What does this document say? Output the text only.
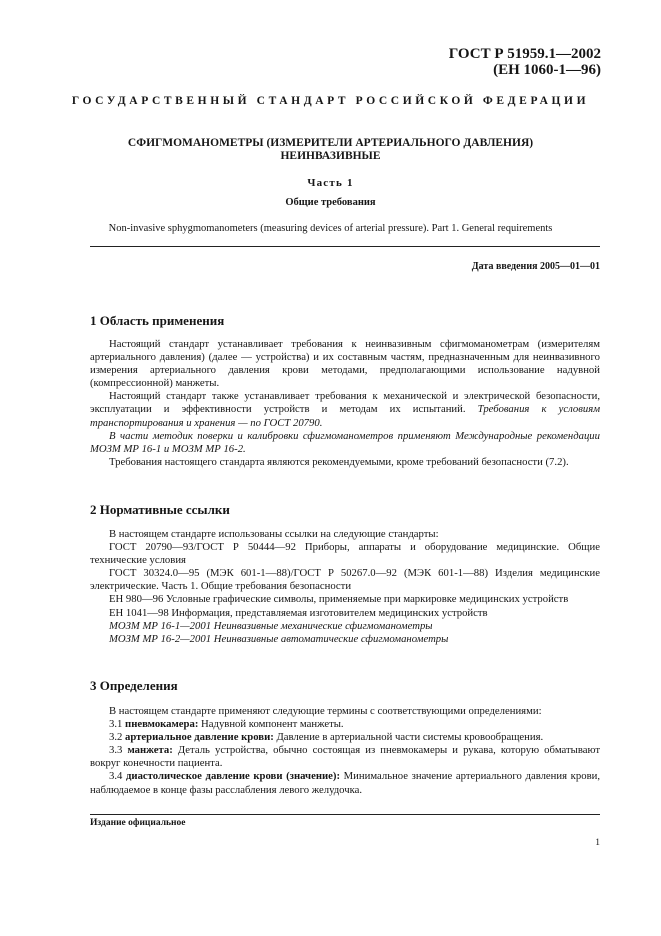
ГОСТ Р 51959.1—2002
(ЕН 1060-1—96)
ГОСУДАРСТВЕННЫЙ СТАНДАРТ РОССИЙСКОЙ ФЕДЕРАЦИИ
СФИГМОМАНОМЕТРЫ (ИЗМЕРИТЕЛИ АРТЕРИАЛЬНОГО ДАВЛЕНИЯ)
НЕИНВАЗИВНЫЕ
Часть 1
Общие требования
Non-invasive sphygmomanometers (measuring devices of arterial pressure). Part 1. General requirements
Дата введения 2005—01—01
1 Область применения

Настоящий стандарт устанавливает требования к неинвазивным сфигмоманометрам (измерителям артериального давления) (далее — устройства) и их составным частям, предназначенным для неинвазивного измерения артериального давления крови методами, предполагающими использование надувной (компрессионной) манжеты.

Настоящий стандарт также устанавливает требования к механической и электрической безопасности, эксплуатации и эффективности устройств и методам их испытаний. Требования к условиям транспортирования и хранения — по ГОСТ 20790.

В части методик поверки и калибровки сфигмоманометров применяют Международные рекомендации МОЗМ МР 16-1 и МОЗМ МР 16-2.

Требования настоящего стандарта являются рекомендуемыми, кроме требований безопасности (7.2).

2 Нормативные ссылки

В настоящем стандарте использованы ссылки на следующие стандарты:

ГОСТ 20790—93/ГОСТ Р 50444—92 Приборы, аппараты и оборудование медицинские. Общие технические условия

ГОСТ 30324.0—95 (МЭК 601-1—88)/ГОСТ Р 50267.0—92 (МЭК 601-1—88) Изделия медицинские электрические. Часть 1. Общие требования безопасности

ЕН 980—96 Условные графические символы, применяемые при маркировке медицинских устройств

ЕН 1041—98 Информация, представляемая изготовителем медицинских устройств

МОЗМ МР 16-1—2001 Неинвазивные механические сфигмоманометры

МОЗМ МР 16-2—2001 Неинвазивные автоматические сфигмоманометры

3 Определения

В настоящем стандарте применяют следующие термины с соответствующими определениями:

3.1 пневмокамера: Надувной компонент манжеты.

3.2 артериальное давление крови: Давление в артериальной части системы кровообращения.

3.3 манжета: Деталь устройства, обычно состоящая из пневмокамеры и рукава, которую обматывают вокруг конечности пациента.

3.4 диастолическое давление крови (значение): Минимальное значение артериального давления крови, наблюдаемое в конце фазы расслабления левого желудочка.

Издание официальное
1
